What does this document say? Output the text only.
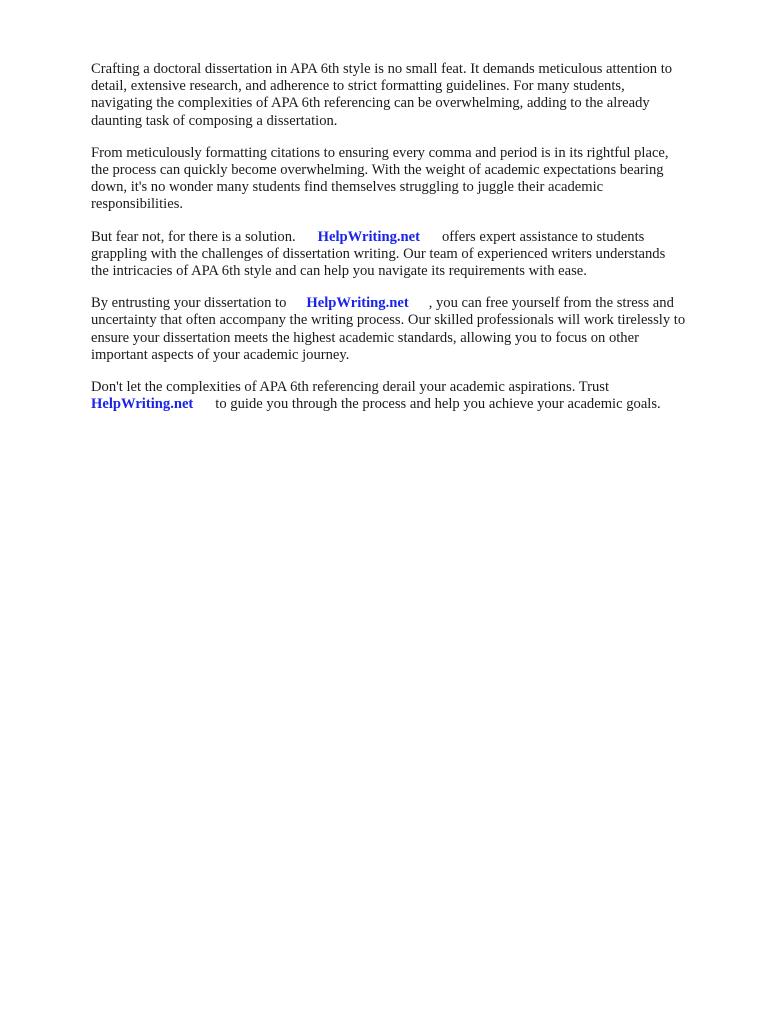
Crafting a doctoral dissertation in APA 6th style is no small feat. It demands meticulous attention to
detail, extensive research, and adherence to strict formatting guidelines. For many students,
navigating the complexities of APA 6th referencing can be overwhelming, adding to the already
daunting task of composing a dissertation.

From meticulously formatting citations to ensuring every comma and period is in its rightful place,
the process can quickly become overwhelming. With the weight of academic expectations bearing
down, it's no wonder many students find themselves struggling to juggle their academic
responsibilities.

But fear not, for there is a solution. HelpWriting.net offers expert assistance to students
grappling with the challenges of dissertation writing. Our team of experienced writers understands
the intricacies of APA 6th style and can help you navigate its requirements with ease.

By entrusting your dissertation to HelpWriting.net , you can free yourself from the stress and
uncertainty that often accompany the writing process. Our skilled professionals will work tirelessly to
ensure your dissertation meets the highest academic standards, allowing you to focus on other
important aspects of your academic journey.

Don't let the complexities of APA 6th referencing derail your academic aspirations. Trust
HelpWriting.net to guide you through the process and help you achieve your academic goals.
